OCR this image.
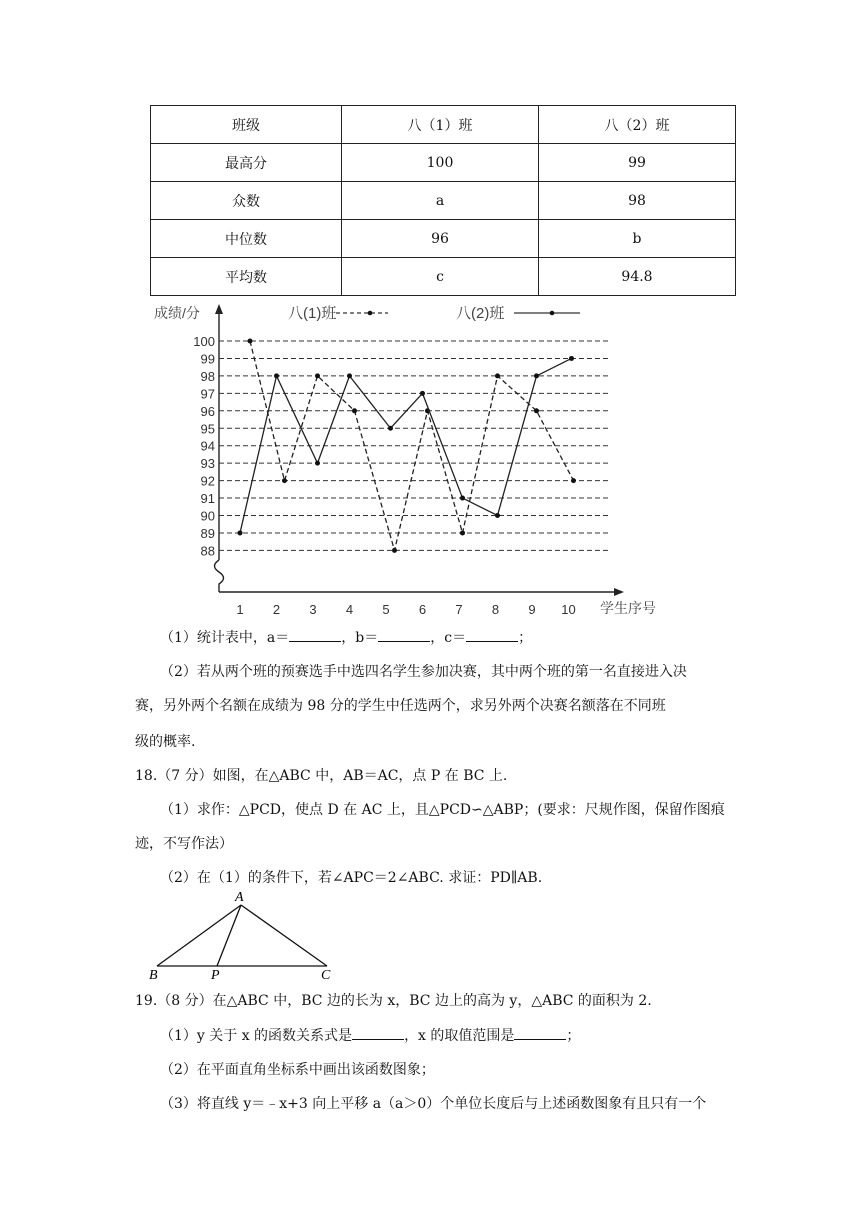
班级	八（1）班	八（2）班
最高分	100	99
众数	a	98
中位数	96	b
平均数	c	94.8
成绩/分
学生序号
88
89
90
91
92
93
94
95
96
97
98
99
100
1 2 3 4 5 6 7 8 9 10
八(1)班	八(2)班
（1）统计表中，a＝	，b＝	，c＝	；
（2）若从两个班的预赛选手中选四名学生参加决赛，其中两个班的第一名直接进入决
赛，另外两个名额在成绩为 98 分的学生中任选两个，求另外两个决赛名额落在不同班
级的概率.
18.（7 分）如图，在△ABC 中，AB＝AC，点 P 在 BC 上.
（1）求作：△PCD，使点 D 在 AC 上，且△PCD∽△ABP；(要求：尺规作图，保留作图痕
迹，不写作法）
（2）在（1）的条件下，若∠APC＝2∠ABC. 求证：PD∥AB.
A
B	P	C
19.（8 分）在△ABC 中，BC 边的长为 x，BC 边上的高为 y，△ABC 的面积为 2.
（1）y 关于 x 的函数关系式是	，x 的取值范围是	；
（2）在平面直角坐标系中画出该函数图象；
（3）将直线 y＝﹣x+3 向上平移 a（a＞0）个单位长度后与上述函数图象有且只有一个
